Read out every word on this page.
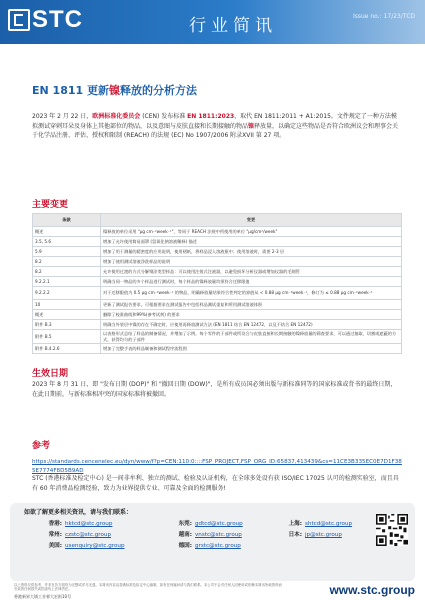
STC	行业简讯	Issue no.: 17/23/TCD
EN 1811 更新镍释放的分析方法
2023 年 2 月 22 日，欧洲标准化委员会 (CEN) 发布标准 EN 1811:2023，取代 EN 1811:2011 + A1:2015。文件规定了一种方法模拟测试穿刺耳朵及身体上其他部位的物品，以及意图与皮肤直接和长期接触的物品镍释放量，以确定这些物品是否符合欧洲议会和理事会关于化学品注册、评估、授权和限制 (REACH) 的法规 (EC) No 1907/2006 附录XVII 第 27 项。
主要变更
条款	变更
概述	镍释放的单位采用 "μg cm⁻²week⁻¹"，等同于 REACH 法规中所使用的单位 "μg/cm²/week"
3.5, 5.6	增加了允许使用简易面罩 (氢氧化钠溶液稀释) 描述
5.9	增加了用于测量的精密度的应用说明，使用褶纸，将样品浸入溶液瓶中；使用溶液时，需要 2-3 层
8.2	增加了使用测试溶液净洗样品的说明
8.2	允许使用过渡的方式分解聚涂类型样品：可以使用注射式注液器，以避免损坏分析仪器或增加仪器的毛细管
9.2.2.1	明确当同一物品的多个样品进行测试时，每个样品的镍释放量均须符合迁移限值
9.2.2.2	对于迁移限值为 0.5 μg cm⁻²week⁻¹ 的物品，明确释放量结果符合性判定的界值从 < 0.88 μg cm⁻²week⁻¹，修订为 ≤ 0.88 μg cm⁻²week⁻¹
10	更新了测试报告要求，可根据要求在测试报告中包括样品测试重复和所用测试溶液体积
概述	删除了校准曲线和99%(参考试剂) 的要求
附件 B.3	明确当外装层中镍的存在不确定时，应使用再释放测试方法 (EN 1811 结合 EN 12472，以及不结合 EN 12472)
附件 B.5	以表格形式总结了样品的制备情况，并增加了示例。每个零件的于部件或所设合与皮肤直接和长期接触的镍释放量的筛查要求，可以通过抽取、切割或遮蔽的方式，获得均匀的子部件
附件 B.4.2.6	增加了完整手表的样品制备和测试程序流程图
生效日期
2023 年 8 月 31 日，即 "发布日期 (DOP)" 和 "撤回日期 (DOW)"，是所有成员国必须出版与新标准同等的国家标准或背书的最终日期，在此日期前，与新标准相冲突的国家标准将被撤回。
参考
https://standards.cencenelec.eu/dyn/www/f?p=CEN:110:0::::FSP_PROJECT,FSP_ORG_ID:65837,413439&cs=11CE3B335EC0E7D1F385E7774F8D5B9AD
STC (香港标准及检定中心) 是一间非牟利、独立的测试、检验及认证机构，在全球多处设有获 ISO/IEC 17025 认可的检测实验室，而且具有 60 年消费品检测经验，致力为业界提供专业、可靠及全面的检测服务!
如欲了解更多相关资讯，请与我们联系：
香港: hktcd@stc.group	东莞: gdtcd@stc.group	上海: shtcd@stc.group
常州: czstc@stc.group	越南: vnstc@stc.group	日本: jp@stc.group
美国: usenquiry@stc.group	德国: grstc@stc.group
以上资料仅供参考，并非在各方面均为完整或详尽无遗。本简讯内容由香港标准及检定中心编制，如有任何疑问请与我们联系。本公司不会对任何人因使用或依赖本简讯所载资料而引致的任何损失或损害负上法律责任。
香港新界大埔工业邨大宏街10号	www.stc.group
